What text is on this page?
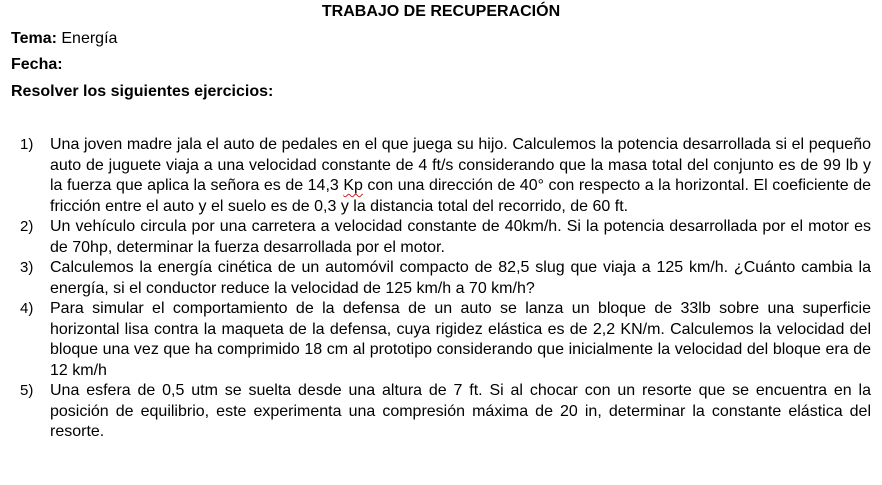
TRABAJO DE RECUPERACIÓN
Tema: Energía
Fecha:
Resolver los siguientes ejercicios:
1)	Una joven madre jala el auto de pedales en el que juega su hijo. Calculemos la potencia desarrollada si el pequeño auto de juguete viaja a una velocidad constante de 4 ft/s considerando que la masa total del conjunto es de 99 lb y la fuerza que aplica la señora es de 14,3 Kp con una dirección de 40° con respecto a la horizontal. El coeficiente de fricción entre el auto y el suelo es de 0,3 y la distancia total del recorrido, de 60 ft.
2)	Un vehículo circula por una carretera a velocidad constante de 40km/h. Si la potencia desarrollada por el motor es de 70hp, determinar la fuerza desarrollada por el motor.
3)	Calculemos la energía cinética de un automóvil compacto de 82,5 slug que viaja a 125 km/h. ¿Cuánto cambia la energía, si el conductor reduce la velocidad de 125 km/h a 70 km/h?
4)	Para simular el comportamiento de la defensa de un auto se lanza un bloque de 33lb sobre una superficie horizontal lisa contra la maqueta de la defensa, cuya rigidez elástica es de 2,2 KN/m. Calculemos la velocidad del bloque una vez que ha comprimido 18 cm al prototipo considerando que inicialmente la velocidad del bloque era de 12 km/h
5)	Una esfera de 0,5 utm se suelta desde una altura de 7 ft. Si al chocar con un resorte que se encuentra en la posición de equilibrio, este experimenta una compresión máxima de 20 in, determinar la constante elástica del resorte.
